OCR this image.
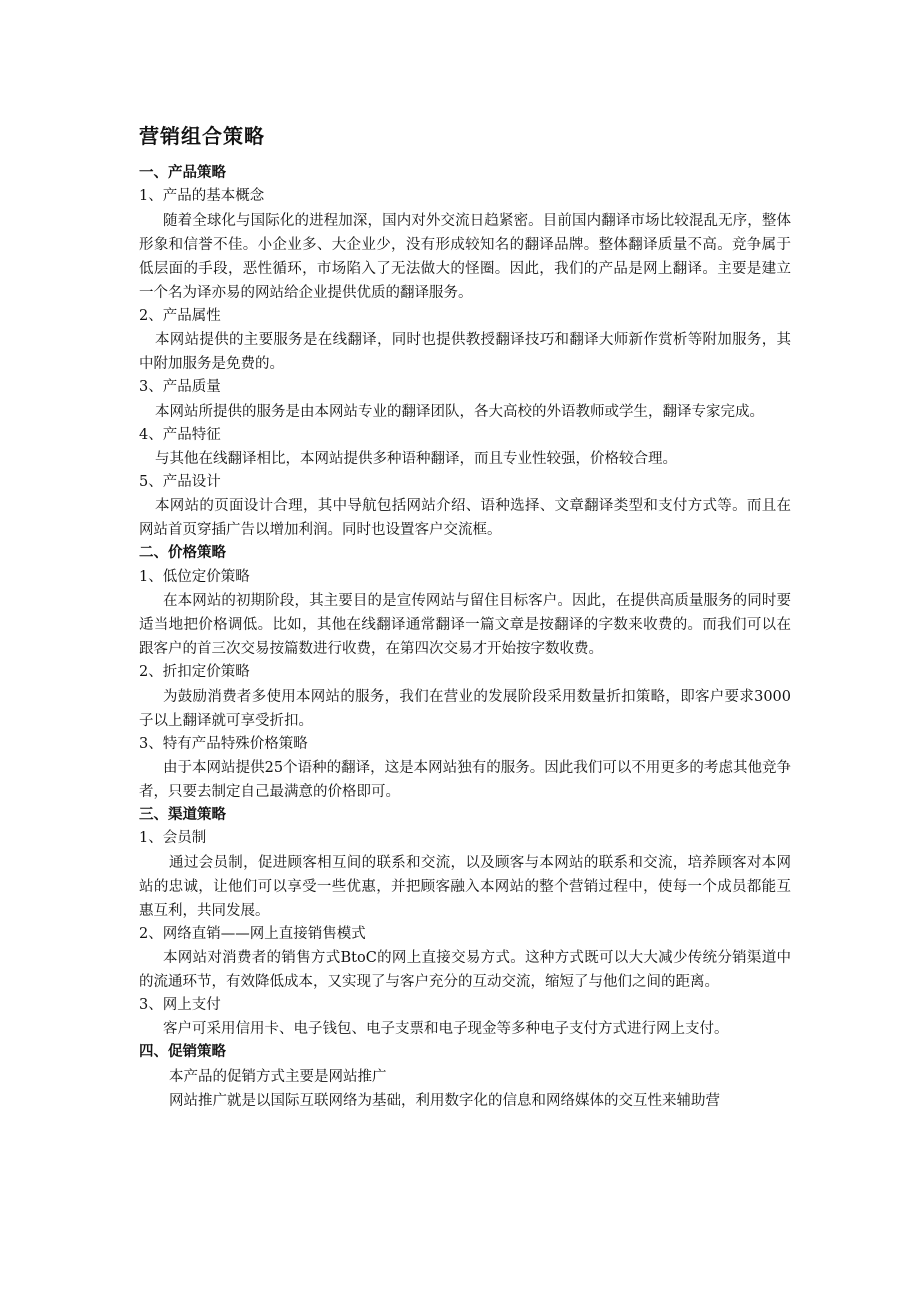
营销组合策略
一、产品策略
1、产品的基本概念
随着全球化与国际化的进程加深，国内对外交流日趋紧密。目前国内翻译市场比较混乱无序，整体形象和信誉不佳。小企业多、大企业少，没有形成较知名的翻译品牌。整体翻译质量不高。竞争属于低层面的手段，恶性循环，市场陷入了无法做大的怪圈。因此，我们的产品是网上翻译。主要是建立一个名为译亦易的网站给企业提供优质的翻译服务。
2、产品属性
本网站提供的主要服务是在线翻译，同时也提供教授翻译技巧和翻译大师新作赏析等附加服务，其中附加服务是免费的。
3、产品质量
本网站所提供的服务是由本网站专业的翻译团队，各大高校的外语教师或学生，翻译专家完成。
4、产品特征
与其他在线翻译相比，本网站提供多种语种翻译，而且专业性较强，价格较合理。
5、产品设计
本网站的页面设计合理，其中导航包括网站介绍、语种选择、文章翻译类型和支付方式等。而且在网站首页穿插广告以增加利润。同时也设置客户交流框。
二、价格策略
1、低位定价策略
在本网站的初期阶段，其主要目的是宣传网站与留住目标客户。因此，在提供高质量服务的同时要适当地把价格调低。比如，其他在线翻译通常翻译一篇文章是按翻译的字数来收费的。而我们可以在跟客户的首三次交易按篇数进行收费，在第四次交易才开始按字数收费。
2、折扣定价策略
为鼓励消费者多使用本网站的服务，我们在营业的发展阶段采用数量折扣策略，即客户要求3000子以上翻译就可享受折扣。
3、特有产品特殊价格策略
由于本网站提供25个语种的翻译，这是本网站独有的服务。因此我们可以不用更多的考虑其他竞争者，只要去制定自己最满意的价格即可。
三、渠道策略
1、会员制
通过会员制，促进顾客相互间的联系和交流，以及顾客与本网站的联系和交流，培养顾客对本网站的忠诚，让他们可以享受一些优惠，并把顾客融入本网站的整个营销过程中，使每一个成员都能互惠互利，共同发展。
2、网络直销——网上直接销售模式
本网站对消费者的销售方式BtoC的网上直接交易方式。这种方式既可以大大减少传统分销渠道中的流通环节，有效降低成本，又实现了与客户充分的互动交流，缩短了与他们之间的距离。
3、网上支付
客户可采用信用卡、电子钱包、电子支票和电子现金等多种电子支付方式进行网上支付。
四、促销策略
本产品的促销方式主要是网站推广
网站推广就是以国际互联网络为基础，利用数字化的信息和网络媒体的交互性来辅助营
